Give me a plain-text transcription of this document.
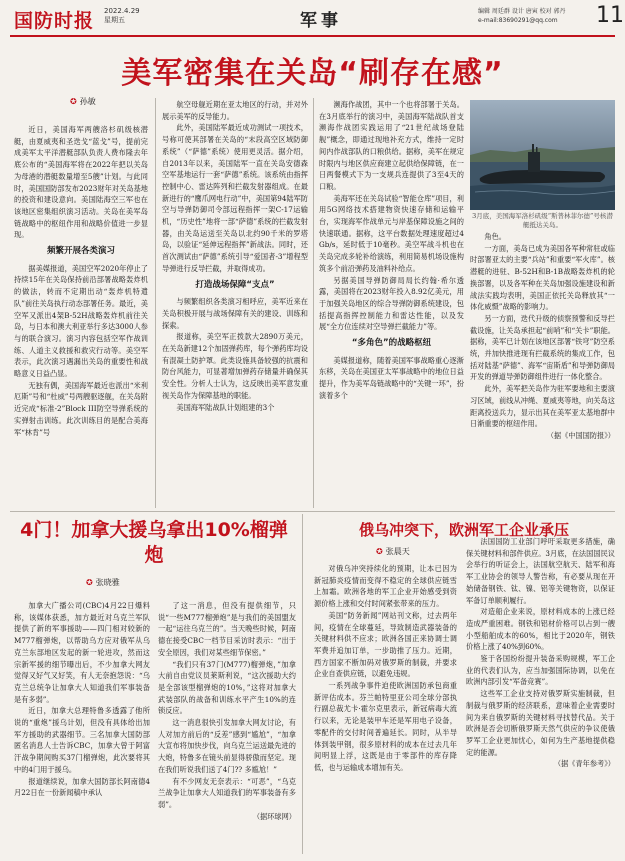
国防时报 2022.4.29
星期五	军事	编辑 周廷群 设计 唐寅 校对 郭丹
e-mail:83690291@qq.com	11
美军密集在关岛“刷存在感”
✪ 孙敏

近日，美国海军两艘洛杉矶级核潜艇，由夏威夷和圣迭戈“蓝戈”号，提前完成美军太平洋潜艇部队负责人费布隆去年底公布的“美国海军将在2022年把以关岛为母港的潜艇数量增至5艘”计划。与此同时，美国国防部发布2023财年对关岛基地的投资和建设意向。美国陆海空三军也在该地区密集组织演习活动。关岛在美军岛链战略中的枢纽作用和战略价值进一步显现。

频繁开展各类演习

据美媒报道，美国空军2020年停止了持续15年在关岛保持前沿部署战略轰炸机的做法，转而不定期出动“轰炸机特遣队”前往关岛执行动态部署任务。最近，美空军又派出4架B-52H战略轰炸机前往关岛，与日本和澳大利亚举行多达3000人参与的联合演习。演习内容包括空军作战训练、人道主义救援和救灾行动等。美空军表示，此次演习遇漏出关岛的重要性和战略意义日益凸显。

无独有偶，美国海军最近也派出“米利厄斯”号和“杜威”号两艘驱逐舰，在关岛附近完成“标准-2”Block III防空导弹系统的实弹射击训练。此次训练目的是配合美海军“林肯”号

航空母舰近期在亚太地区的行动，并对外展示美军的反导能力。

此外，美国陆军最近成功测试一项技术，号称可使其部署在关岛的“末段高空区域防御系统”（“萨德”系统）使用更灵活。据介绍，自2013年以来，美国陆军一直在关岛安德森空军基地运行一套“萨德”系统。该系统由指挥控制中心、雷达阵列和拦截发射器组成。在最新进行的“鹰爪网电行动”中，美国第94陆军防空与导弹防御司令部远程指挥一架C-17运输机，“历史性”地将一部“萨德”系统的拦截发射器，由关岛运送至关岛以北约90千米的罗塔岛，以验证“延伸远程指挥”新战法。同时，还首次测试由“萨德”系统引导“爱国者-3”增程型导弹进行反导拦截，并取得成功。

打造战场保障“支点”

与频繁组织各类演习相呼应，美军近来在关岛积极开展与战场保障有关的建设、训练和探索。

报道称，美空军正拨款大2890万美元，在关岛新建12个加固弹药库，每个弹药库均设有混凝土防护罩。此类设施具备较强的抗震和防台风能力，可显著增加弹药存储量并确保其安全性。分析人士认为，这反映出美军意发重视关岛作为保障基地的职能。

美国海军陆战队计划组建的3个

濒海作战团，其中一个也将部署于关岛。在3月底举行的演习中，美国海军陆战队首支濒海作战团实践运用了“21世纪战场登陆舰”概念，即通过现地补充方式，维持一定时间内作战部队的口粮供给。据称，美军在规定时限内与地区供应商建立起供给保障链，在一日两餐模式下为一支规兵连提供了3至4天的口粮。

美海军还在关岛试验“智能仓库”项目，利用5G网络技术搭建物资快速存储和运输平台，实现海军作战单元与岸基保障设施之间的快速联通。据称，这平台数据处理速度超过4Gb/s，延时低于10毫秒。美空军战斗机也在关岛完成多轮补给演练，利用简易机场设施构筑多个前沿弹药及油料补给点。

另据美国导弹防御局局长约翰·希尔透露，美国将在2023财年投入8.92亿美元，用于加强关岛地区的综合导弹防御系统建设，包括提高指挥控制能力和雷达性能，以及发展“全方位连续对空导弹拦截能力”等。

“多角色”的战略枢纽

美媒报道称，随着美国军事战略重心逐渐东移，关岛在美国亚太军事战略中的地位日益提升，作为美军岛链战略中的“关键一环”，扮演着多个

3月底，美国海军洛杉矶级“斯普林菲尔德”号核潜艇抵达关岛。

角色。

一方面，美岛已成为美国各军种常驻或临时部署亚太的主要“兵站”和重要“军火库”。核潜艇的进驻、B-52H和B-1B战略轰炸机的轮换部署，以及各军种在关岛加强设施建设和新战法实践均表明，美国正依托关岛释放其“一体化威慑”战略的影响力。

另一方面，迭代升级的侦察预警和反导拦截设施，让关岛承担起“前哨”和“关卡”职能。据称，美军已计划在该地区部署“铁穹”防空系统，并加快推进现有拦截系统的集成工作，包括对陆基“萨德”、海军“宙斯盾”和导弹防御局开发的弹道导弹防御组件进行一体化整合。

此外，美军把关岛作为驻军要地和主要演习区域，前线从冲绳、夏威夷等地，向关岛这距离投送兵力，显示出其在美军亚太基地群中日渐重要的枢纽作用。

（据《中国国防报》）
4门！加拿大援乌拿出10%榴弹炮
✪ 张晓雅

加拿大广播公司(CBC)4月22日爆料称，该媒体获悉，加方最近对乌克兰军队提供了新的军事援助——四门相对较新的M777榴弹炮，以帮助乌方应对俄军从乌克兰东部地区发起的新一轮进攻，然而这宗新军援的细节曝出后，不少加拿大网友觉得又好气又好笑，有人无奈抱怨说：“乌克兰总统争让加拿大人知道我们军事装备是有多弱”。

近日，加拿大总理特鲁多透露了他所说的“重炮”援乌计划，但没有具体给出加军方援助的武器细节。三名加拿大国防部匿名消息人士告诉CBC，加拿大曾于阿富汗战争期间购买37门榴弹炮，此次要将其中的4门用于援乌。

报道继续说，加拿大国防部长阿南德4月22日在一份新闻稿中承认

了这一消息，但没有提供细节，只说“一些M777榴弹炮”是与我们的美国盟友一起“运往乌克兰的”。当天晚些时候，阿南德在接受CBC一档节目采访时表示：“出于安全原因，我们对某些细节保密。”

“我们只有37门(M777)榴弹炮，”加拿大前自由党议员莱斯利说，“这次援助大约是全部该型榴弹炮的10%，”这将对加拿大武装部队的战备和训练水平产生10%的连锁反应。

这一消息很快引发加拿大网友讨论，有人对加方前后的“反差”感到“尴尬”，“加拿大宣布将加快步伐，向乌克兰运送最先进的大炮，特鲁多在镜头前显得骄傲而坚定。现在我们听说我们送了4门?? 多尴尬！”

有不少网友无奈表示：“可恶”，“乌克兰战争让加拿大人知道我们的军事装备有多弱”。

（据环球网）
俄乌冲突下，欧洲军工企业承压
✪ 张晨天

对俄乌冲突持续化的预期，让本已因为新冠肺炎疫情而变得不稳定的全球供应链雪上加霜。欧洲各地的军工企业开始感受到资源价格上涨和交付时间紧张带来的压力。

美国“防务新闻”网站刊文称，过去两年间，疫情在全球蔓延，导致制造武器装备的关键材料供不应求；欧洲各国正来协调士调军费并追加订单，一步助推了压力。近期，西方国家不断加码对俄罗斯的制裁，并要求企业自查供应链，以避免违规。

一系列战争事件迫使欧洲国防承包商重新评估成本。芬兰帕特里亚公司全球分部执行副总裁尤卡·霍尔克里表示，新冠病毒大流行以来，无论是装甲车还是军用电子设备，零配件的交付时间普遍延长。同时，从半导体到装甲钢，很多原材料的成本在过去几年间明显上浮，这既是由于零部件的库存降低，也与运输成本增加有关。

法国国防工业部门呼吁采取更多措施，确保关键材料和部件供应。3月底，在法国国民议会举行的听证会上，法国航空航天、陆军和海军工业协会的领导人警告称，有必要从现在开始储备钢铁、钛、镍、铝等关键物资，以保证军备订单顺利履行。

对造船企业来说，原材料成本的上涨已经造成严重困难。钢铁和铝材价格可以占到一艘小型船舶成本的60%，相比于2020年，钢铁价格上涨了40%到60%。

鉴于各国纷纷提升装备采购规模，军工企业的代表们认为，应当加强国际协调，以免在欧洲内部引发“军备竞赛”。

这些军工企业支持对俄罗斯实施制裁，但制裁与俄罗斯的经济联系，意味着企业需要时间为来自俄罗斯的关键材料寻找替代品。关于欧洲是否会切断俄罗斯天然气供应的争议使俄罗军工企业更加忧心，如何为生产基地提供稳定的能源。

（据《青年参考》）
